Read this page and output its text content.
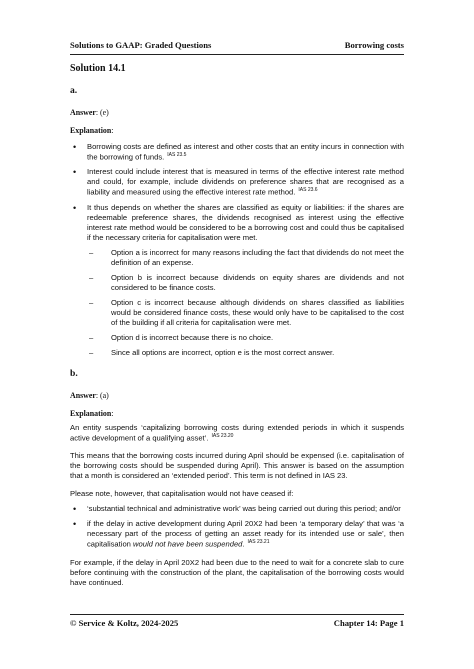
Solutions to GAAP: Graded Questions	Borrowing costs
Solution 14.1
a.
Answer: (e)
Explanation:
• Borrowing costs are defined as interest and other costs that an entity incurs in connection with the borrowing of funds. $^{IAS 23.5}$
• Interest could include interest that is measured in terms of the effective interest rate method and could, for example, include dividends on preference shares that are recognised as a liability and measured using the effective interest rate method. $^{IAS 23.6}$
• It thus depends on whether the shares are classified as equity or liabilities: if the shares are redeemable preference shares, the dividends recognised as interest using the effective interest rate method would be considered to be a borrowing cost and could thus be capitalised if the necessary criteria for capitalisation were met.
– Option a is incorrect for many reasons including the fact that dividends do not meet the definition of an expense.
– Option b is incorrect because dividends on equity shares are dividends and not considered to be finance costs.
– Option c is incorrect because although dividends on shares classified as liabilities would be considered finance costs, these would only have to be capitalised to the cost of the building if all criteria for capitalisation were met.
– Option d is incorrect because there is no choice.
– Since all options are incorrect, option e is the most correct answer.
b.
Answer: (a)
Explanation:
An entity suspends ‘capitalizing borrowing costs during extended periods in which it suspends active development of a qualifying asset’. $^{IAS 23.20}$
This means that the borrowing costs incurred during April should be expensed (i.e. capitalisation of the borrowing costs should be suspended during April). This answer is based on the assumption that a month is considered an ‘extended period’. This term is not defined in IAS 23.
Please note, however, that capitalisation would not have ceased if:
• ‘substantial technical and administrative work’ was being carried out during this period; and/or
• if the delay in active development during April 20X2 had been ‘a temporary delay’ that was ‘a necessary part of the process of getting an asset ready for its intended use or sale’, then capitalisation would not have been suspended. $^{IAS 23.21}$
For example, if the delay in April 20X2 had been due to the need to wait for a concrete slab to cure before continuing with the construction of the plant, the capitalisation of the borrowing costs would have continued.
© Service & Koltz, 2024-2025	Chapter 14: Page 1
